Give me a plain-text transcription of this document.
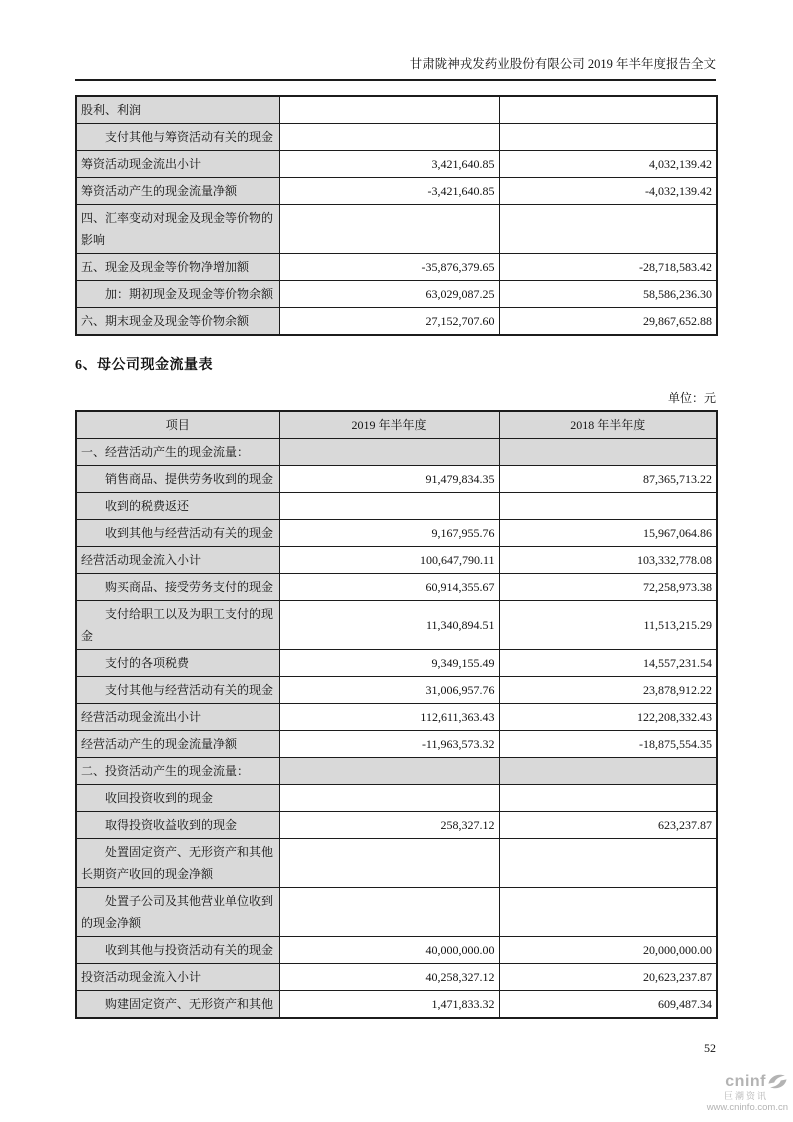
甘肃陇神戎发药业股份有限公司 2019 年半年度报告全文
股利、利润		
支付其他与筹资活动有关的现金		
筹资活动现金流出小计	3,421,640.85	4,032,139.42
筹资活动产生的现金流量净额	-3,421,640.85	-4,032,139.42
四、汇率变动对现金及现金等价物的影响		
五、现金及现金等价物净增加额	-35,876,379.65	-28,718,583.42
加：期初现金及现金等价物余额	63,029,087.25	58,586,236.30
六、期末现金及现金等价物余额	27,152,707.60	29,867,652.88
6、母公司现金流量表
单位：元
项目	2019 年半年度	2018 年半年度
一、经营活动产生的现金流量：		
销售商品、提供劳务收到的现金	91,479,834.35	87,365,713.22
收到的税费返还		
收到其他与经营活动有关的现金	9,167,955.76	15,967,064.86
经营活动现金流入小计	100,647,790.11	103,332,778.08
购买商品、接受劳务支付的现金	60,914,355.67	72,258,973.38
支付给职工以及为职工支付的现金	11,340,894.51	11,513,215.29
支付的各项税费	9,349,155.49	14,557,231.54
支付其他与经营活动有关的现金	31,006,957.76	23,878,912.22
经营活动现金流出小计	112,611,363.43	122,208,332.43
经营活动产生的现金流量净额	-11,963,573.32	-18,875,554.35
二、投资活动产生的现金流量：		
收回投资收到的现金		
取得投资收益收到的现金	258,327.12	623,237.87
处置固定资产、无形资产和其他长期资产收回的现金净额		
处置子公司及其他营业单位收到的现金净额		
收到其他与投资活动有关的现金	40,000,000.00	20,000,000.00
投资活动现金流入小计	40,258,327.12	20,623,237.87
购建固定资产、无形资产和其他	1,471,833.32	609,487.34
52
cninf
巨潮资讯
www.cninfo.com.cn
